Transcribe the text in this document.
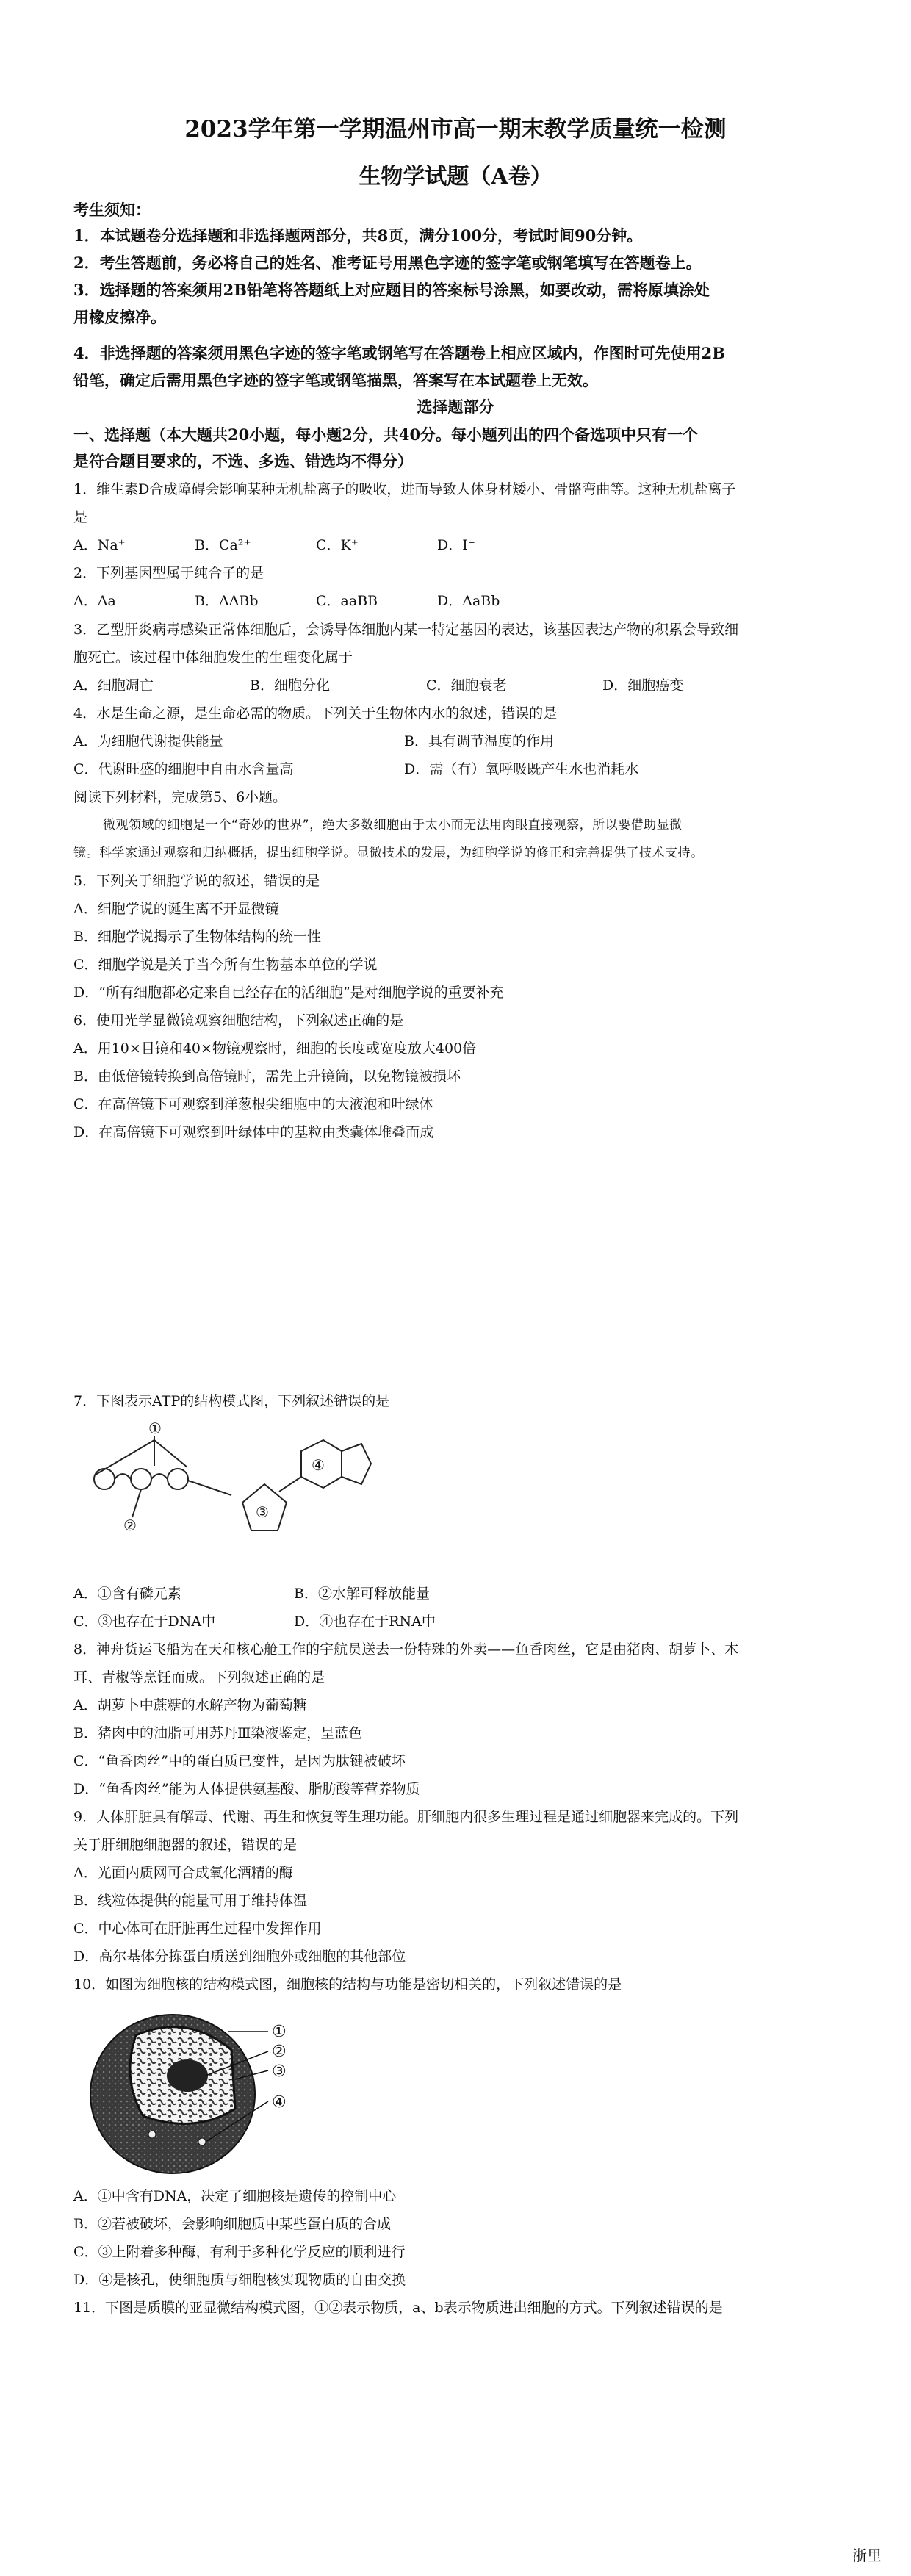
2023学年第一学期温州市高一期末教学质量统一检测
生物学试题（A卷）
考生须知：
1．本试题卷分选择题和非选择题两部分，共8页，满分100分，考试时间90分钟。
2．考生答题前，务必将自己的姓名、准考证号用黑色字迹的签字笔或钢笔填写在答题卷上。
3．选择题的答案须用2B铅笔将答题纸上对应题目的答案标号涂黑，如要改动，需将原填涂处
用橡皮擦净。
4．非选择题的答案须用黑色字迹的签字笔或钢笔写在答题卷上相应区域内，作图时可先使用2B
铅笔，确定后需用黑色字迹的签字笔或钢笔描黑，答案写在本试题卷上无效。
选择题部分
一、选择题（本大题共20小题，每小题2分，共40分。每小题列出的四个备选项中只有一个
是符合题目要求的，不选、多选、错选均不得分）
1．维生素D合成障碍会影响某种无机盐离子的吸收，进而导致人体身材矮小、骨骼弯曲等。这种无机盐离子
是
A．Na⁺	B．Ca²⁺	C．K⁺	D．I⁻
2．下列基因型属于纯合子的是
A．Aa	B．AABb	C．aaBB	D．AaBb
3．乙型肝炎病毒感染正常体细胞后，会诱导体细胞内某一特定基因的表达，该基因表达产物的积累会导致细
胞死亡。该过程中体细胞发生的生理变化属于
A．细胞凋亡	B．细胞分化	C．细胞衰老	D．细胞癌变
4．水是生命之源，是生命必需的物质。下列关于生物体内水的叙述，错误的是
A．为细胞代谢提供能量	B．具有调节温度的作用
C．代谢旺盛的细胞中自由水含量高	D．需（有）氧呼吸既产生水也消耗水
阅读下列材料，完成第5、6小题。
微观领域的细胞是一个“奇妙的世界”，绝大多数细胞由于太小而无法用肉眼直接观察，所以要借助显微
镜。科学家通过观察和归纳概括，提出细胞学说。显微技术的发展，为细胞学说的修正和完善提供了技术支持。
5．下列关于细胞学说的叙述，错误的是
A．细胞学说的诞生离不开显微镜
B．细胞学说揭示了生物体结构的统一性
C．细胞学说是关于当今所有生物基本单位的学说
D．“所有细胞都必定来自已经存在的活细胞”是对细胞学说的重要补充
6．使用光学显微镜观察细胞结构，下列叙述正确的是
A．用10×目镜和40×物镜观察时，细胞的长度或宽度放大400倍
B．由低倍镜转换到高倍镜时，需先上升镜筒，以免物镜被损坏
C．在高倍镜下可观察到洋葱根尖细胞中的大液泡和叶绿体
D．在高倍镜下可观察到叶绿体中的基粒由类囊体堆叠而成
7．下图表示ATP的结构模式图，下列叙述错误的是
①
②
③
④
A．①含有磷元素	B．②水解可释放能量
C．③也存在于DNA中	D．④也存在于RNA中
8．神舟货运飞船为在天和核心舱工作的宇航员送去一份特殊的外卖——鱼香肉丝，它是由猪肉、胡萝卜、木
耳、青椒等烹饪而成。下列叙述正确的是
A．胡萝卜中蔗糖的水解产物为葡萄糖
B．猪肉中的油脂可用苏丹Ⅲ染液鉴定，呈蓝色
C．“鱼香肉丝”中的蛋白质已变性，是因为肽键被破坏
D．“鱼香肉丝”能为人体提供氨基酸、脂肪酸等营养物质
9．人体肝脏具有解毒、代谢、再生和恢复等生理功能。肝细胞内很多生理过程是通过细胞器来完成的。下列
关于肝细胞细胞器的叙述，错误的是
A．光面内质网可合成氧化酒精的酶
B．线粒体提供的能量可用于维持体温
C．中心体可在肝脏再生过程中发挥作用
D．高尔基体分拣蛋白质送到细胞外或细胞的其他部位
10．如图为细胞核的结构模式图，细胞核的结构与功能是密切相关的，下列叙述错误的是
①
②
③
④
A．①中含有DNA，决定了细胞核是遗传的控制中心
B．②若被破坏，会影响细胞质中某些蛋白质的合成
C．③上附着多种酶，有利于多种化学反应的顺利进行
D．④是核孔，使细胞质与细胞核实现物质的自由交换
11．下图是质膜的亚显微结构模式图，①②表示物质，a、b表示物质进出细胞的方式。下列叙述错误的是
浙里
